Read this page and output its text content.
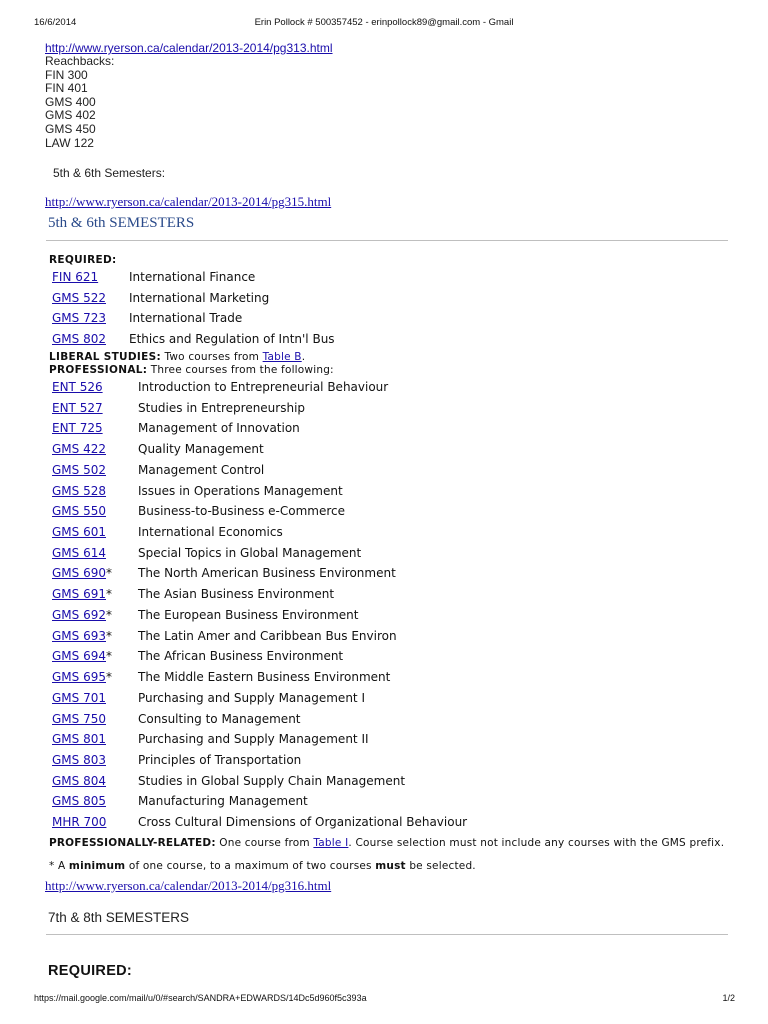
16/6/2014	Erin Pollock # 500357452 - erinpollock89@gmail.com - Gmail
http://www.ryerson.ca/calendar/2013-2014/pg313.html
Reachbacks:
FIN 300
FIN 401
GMS 400
GMS 402
GMS 450
LAW 122
5th & 6th Semesters:
http://www.ryerson.ca/calendar/2013-2014/pg315.html
5th & 6th SEMESTERS
REQUIRED:
FIN 621	International Finance
GMS 522 International Marketing
GMS 723 International Trade
GMS 802 Ethics and Regulation of Intn'l Bus
LIBERAL STUDIES: Two courses from Table B.
PROFESSIONAL: Three courses from the following:
ENT 526	Introduction to Entrepreneurial Behaviour
ENT 527	Studies in Entrepreneurship
ENT 725	Management of Innovation
GMS 422	Quality Management
GMS 502	Management Control
GMS 528	Issues in Operations Management
GMS 550	Business-to-Business e-Commerce
GMS 601	International Economics
GMS 614	Special Topics in Global Management
GMS 690* The North American Business Environment
GMS 691* The Asian Business Environment
GMS 692* The European Business Environment
GMS 693* The Latin Amer and Caribbean Bus Environ
GMS 694* The African Business Environment
GMS 695* The Middle Eastern Business Environment
GMS 701	Purchasing and Supply Management I
GMS 750	Consulting to Management
GMS 801	Purchasing and Supply Management II
GMS 803	Principles of Transportation
GMS 804	Studies in Global Supply Chain Management
GMS 805	Manufacturing Management
MHR 700	Cross Cultural Dimensions of Organizational Behaviour
PROFESSIONALLY-RELATED: One course from Table I. Course selection must not include any courses with the GMS prefix.
* A minimum of one course, to a maximum of two courses must be selected.
http://www.ryerson.ca/calendar/2013-2014/pg316.html
7th & 8th SEMESTERS
REQUIRED:
https://mail.google.com/mail/u/0/#search/SANDRA+EDWARDS/14Dc5d960f5c393a	1/2
